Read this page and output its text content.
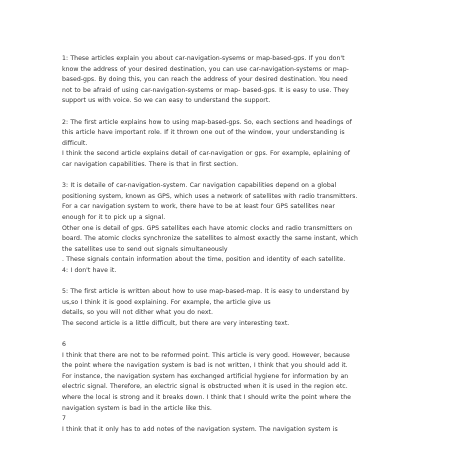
1: These articles explain you about car-navigation-sysems or map-based-gps. If you don't
know the address of your desired destination, you can use car-navigation-systems or map-
based-gps. By doing this, you can reach the address of your desired destination. You need
not to be afraid of using car-navigation-systems or map- based-gps. It is easy to use. They
support us with voice. So we can easy to understand the support.
2: The first article explains how to using map-based-gps. So, each sections and headings of
this article have important role. If it thrown one out of the window, your understanding is
difficult.
I think the second article explains detail of car-navigation or gps. For example, eplaining of
car navigation capabilities. There is that in first section.
3: It is detaile of car-navigation-system. Car navigation capabilities depend on a global
positioning system, known as GPS, which uses a network of satellites with radio transmitters.
For a car navigation system to work, there have to be at least four GPS satellites near
enough for it to pick up a signal.
Other one is detail of gps. GPS satellites each have atomic clocks and radio transmitters on
board. The atomic clocks synchronize the satellites to almost exactly the same instant, which
the satellites use to send out signals simultaneously
. These signals contain information about the time, position and identity of each satellite.
4: I don't have it.
5: The first article is written about how to use map-based-map. It is easy to understand by
us,so I think it is good explaining. For example, the article give us
details, so you will not dither what you do next.
The second article is a little difficult, but there are very interesting text.
6
I think that there are not to be reformed point. This article is very good. However, because
the point where the navigation system is bad is not written, I think that you should add it.
For instance, the navigation system has exchanged artificial hygiene for information by an
electric signal. Therefore, an electric signal is obstructed when it is used in the region etc.
where the local is strong and it breaks down. I think that I should write the point where the
navigation system is bad in the article like this.
7
I think that it only has to add notes of the navigation system. The navigation system is
